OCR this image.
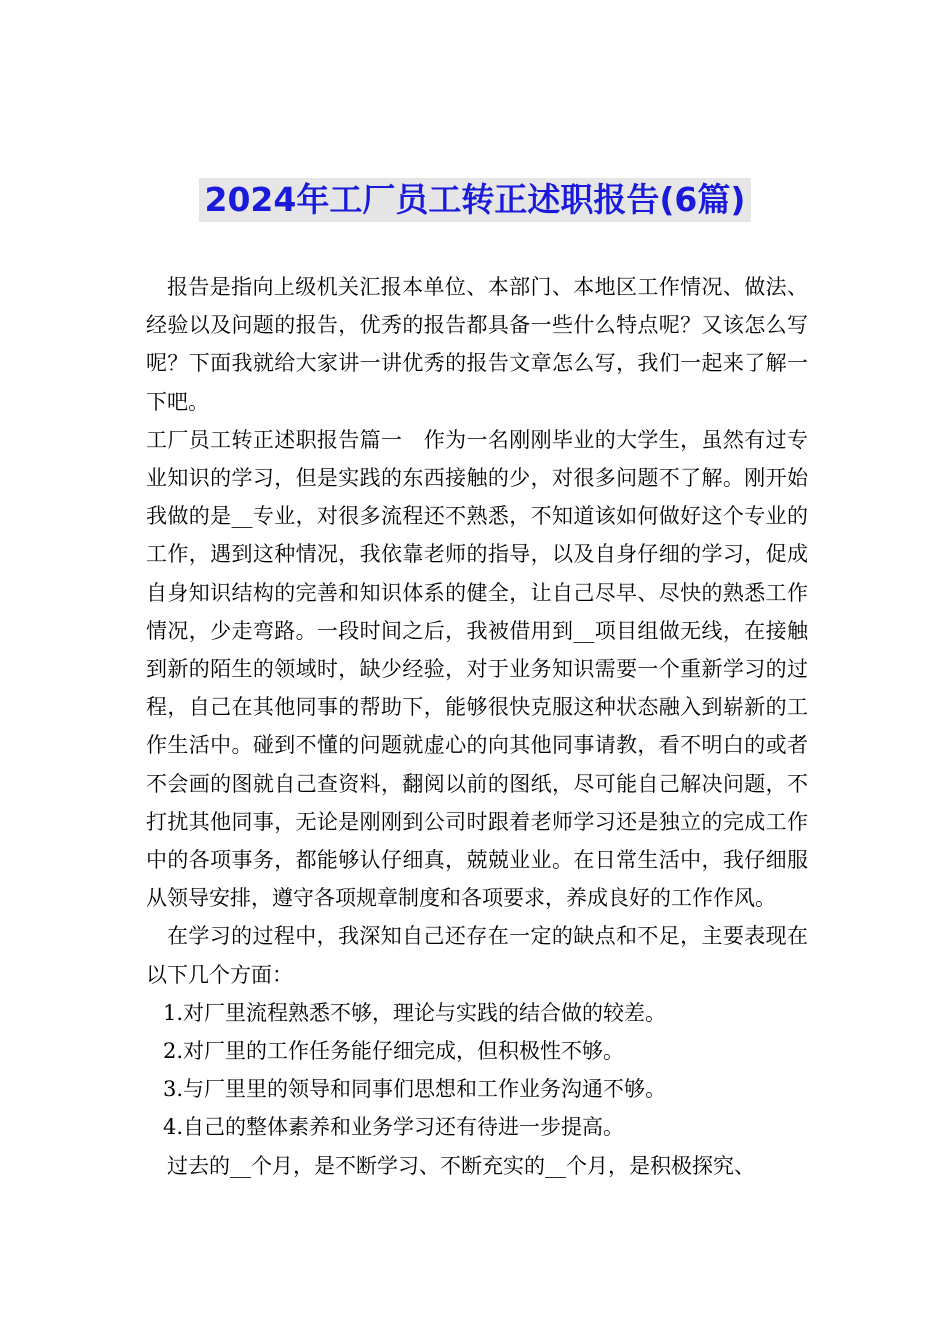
2024年工厂员工转正述职报告(6篇)

报告是指向上级机关汇报本单位、本部门、本地区工作情况、做法、经验以及问题的报告，优秀的报告都具备一些什么特点呢？又该怎么写呢？下面我就给大家讲一讲优秀的报告文章怎么写，我们一起来了解一下吧。

工厂员工转正述职报告篇一　作为一名刚刚毕业的大学生，虽然有过专业知识的学习，但是实践的东西接触的少，对很多问题不了解。刚开始我做的是__专业，对很多流程还不熟悉，不知道该如何做好这个专业的工作，遇到这种情况，我依靠老师的指导，以及自身仔细的学习，促成自身知识结构的完善和知识体系的健全，让自己尽早、尽快的熟悉工作情况，少走弯路。一段时间之后，我被借用到__项目组做无线，在接触到新的陌生的领域时，缺少经验，对于业务知识需要一个重新学习的过程，自己在其他同事的帮助下，能够很快克服这种状态融入到崭新的工作生活中。碰到不懂的问题就虚心的向其他同事请教，看不明白的或者不会画的图就自己查资料，翻阅以前的图纸，尽可能自己解决问题，不打扰其他同事，无论是刚刚到公司时跟着老师学习还是独立的完成工作中的各项事务，都能够认仔细真，兢兢业业。在日常生活中，我仔细服从领导安排，遵守各项规章制度和各项要求，养成良好的工作作风。

在学习的过程中，我深知自己还存在一定的缺点和不足，主要表现在以下几个方面：

1.对厂里流程熟悉不够，理论与实践的结合做的较差。

2.对厂里的工作任务能仔细完成，但积极性不够。

3.与厂里里的领导和同事们思想和工作业务沟通不够。

4.自己的整体素养和业务学习还有待进一步提高。

过去的__个月，是不断学习、不断充实的__个月，是积极探究、
